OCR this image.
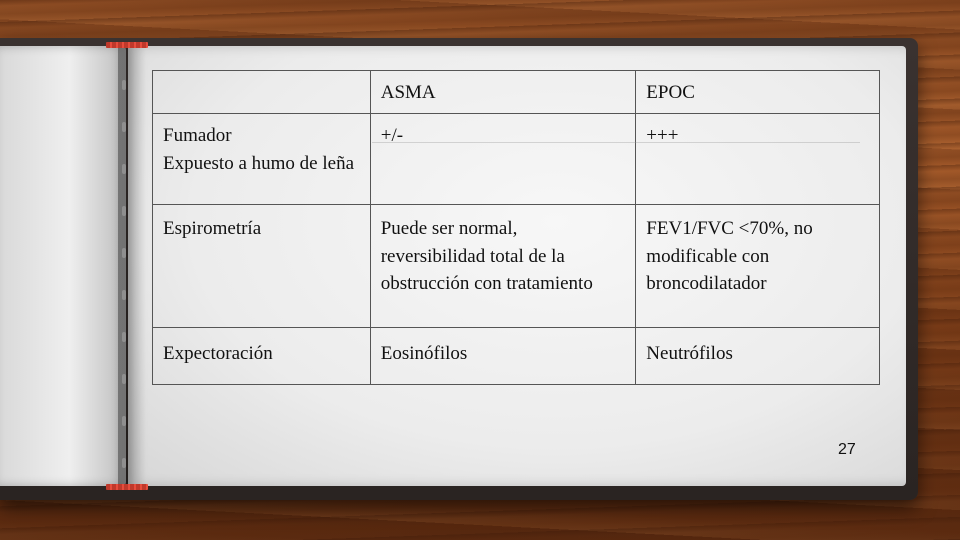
	ASMA	EPOC

Fumador
Expuesto a humo de leña	+/-	+++

Espirometría	Puede ser normal, reversibilidad total de la obstrucción con tratamiento	FEV1/FVC <70%, no modificable con broncodilatador

Expectoración	Eosinófilos	Neutrófilos
27
